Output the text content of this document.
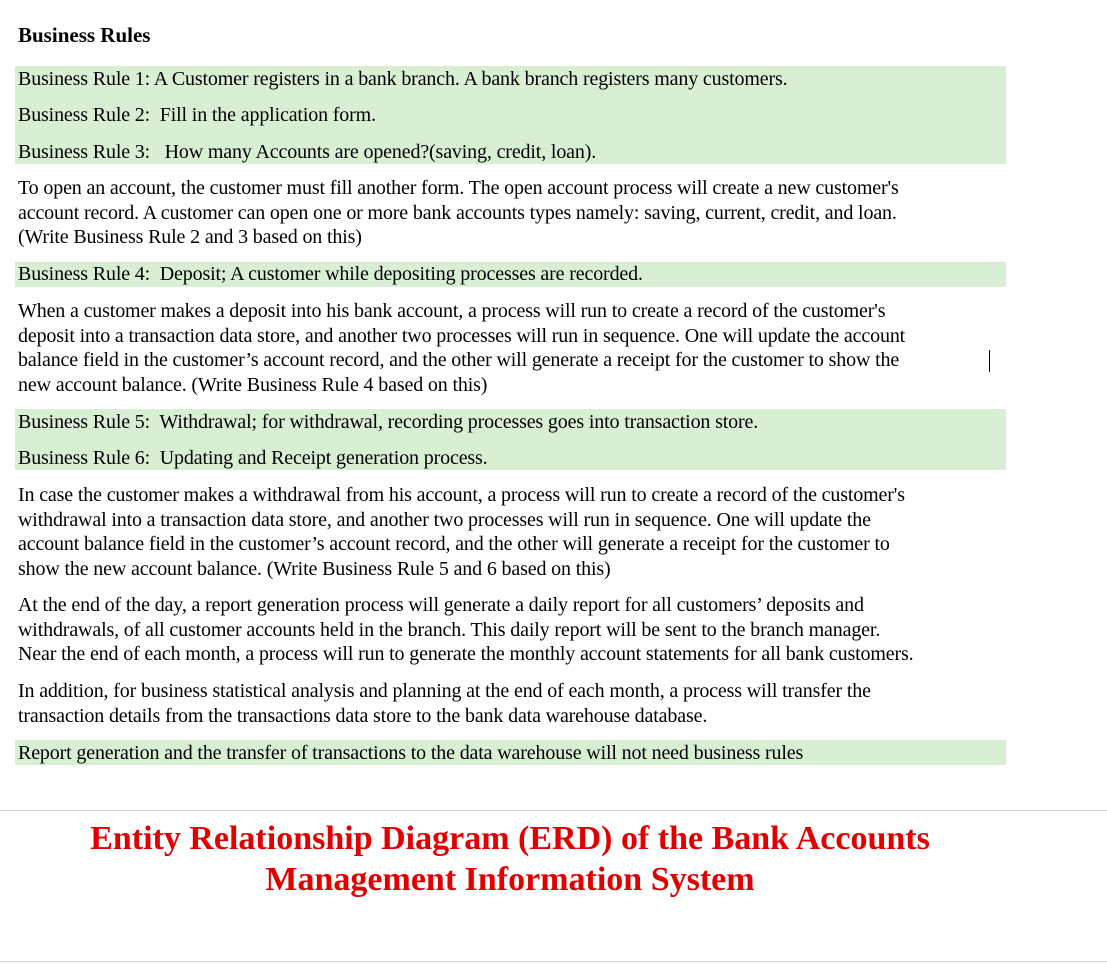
Business Rules
Business Rule 1: A Customer registers in a bank branch. A bank branch registers many customers.
Business Rule 2:  Fill in the application form.
Business Rule 3:   How many Accounts are opened?(saving, credit, loan).
To open an account, the customer must fill another form. The open account process will create a new customer's
account record. A customer can open one or more bank accounts types namely: saving, current, credit, and loan.
(Write Business Rule 2 and 3 based on this)
Business Rule 4:  Deposit; A customer while depositing processes are recorded.
When a customer makes a deposit into his bank account, a process will run to create a record of the customer's
deposit into a transaction data store, and another two processes will run in sequence. One will update the account
balance field in the customer’s account record, and the other will generate a receipt for the customer to show the
new account balance. (Write Business Rule 4 based on this)
Business Rule 5:  Withdrawal; for withdrawal, recording processes goes into transaction store.
Business Rule 6:  Updating and Receipt generation process.
In case the customer makes a withdrawal from his account, a process will run to create a record of the customer's
withdrawal into a transaction data store, and another two processes will run in sequence. One will update the
account balance field in the customer’s account record, and the other will generate a receipt for the customer to
show the new account balance. (Write Business Rule 5 and 6 based on this)
At the end of the day, a report generation process will generate a daily report for all customers’ deposits and
withdrawals, of all customer accounts held in the branch. This daily report will be sent to the branch manager.
Near the end of each month, a process will run to generate the monthly account statements for all bank customers.
In addition, for business statistical analysis and planning at the end of each month, a process will transfer the
transaction details from the transactions data store to the bank data warehouse database.
Report generation and the transfer of transactions to the data warehouse will not need business rules
Entity Relationship Diagram (ERD) of the Bank Accounts
Management Information System
